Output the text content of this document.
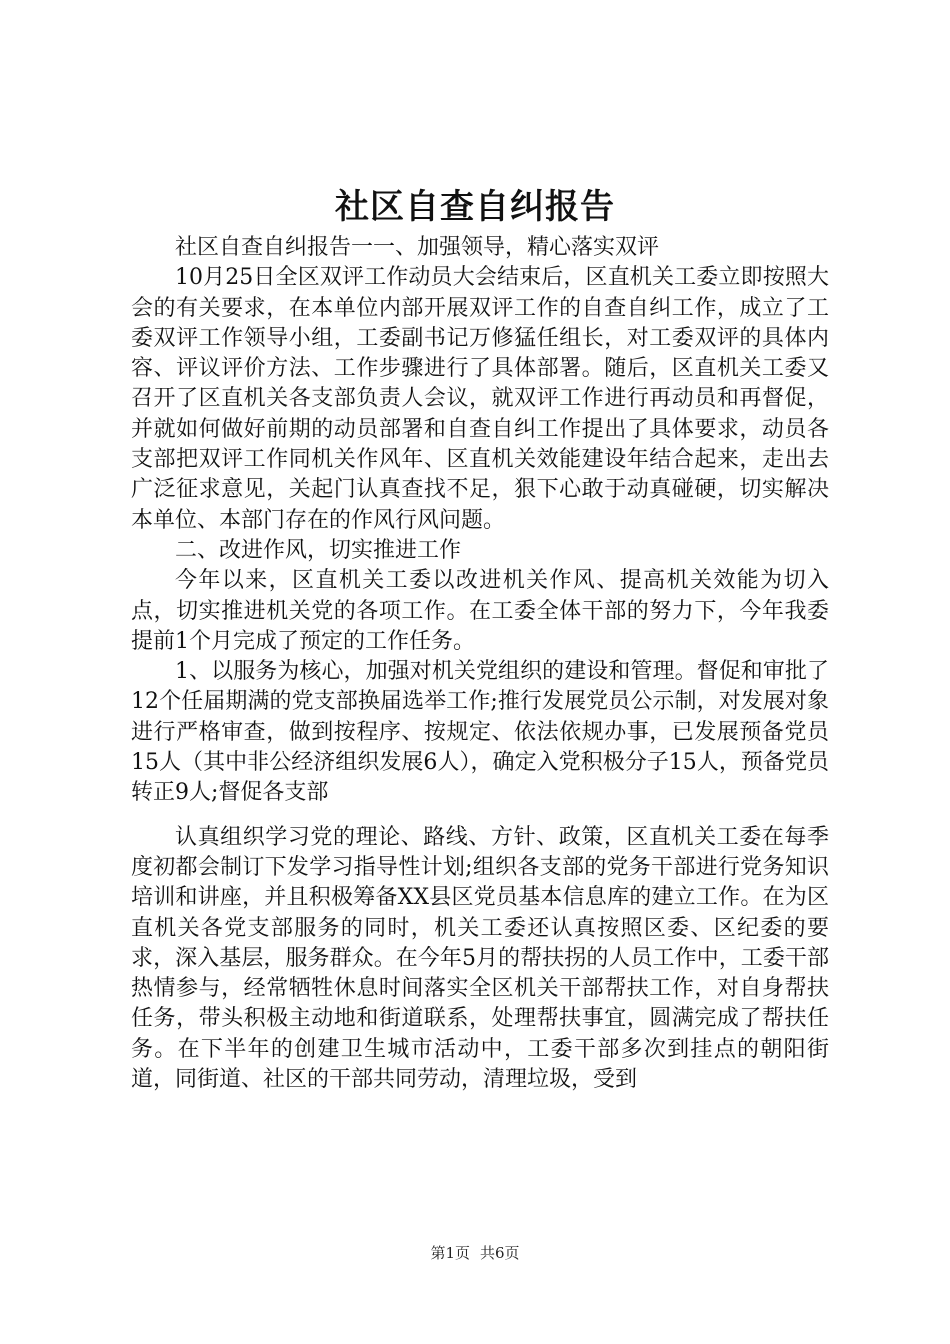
社区自查自纠报告

社区自查自纠报告一一、加强领导，精心落实双评

10月25日全区双评工作动员大会结束后，区直机关工委立即按照大会的有关要求，在本单位内部开展双评工作的自查自纠工作，成立了工委双评工作领导小组，工委副书记万修猛任组长，对工委双评的具体内容、评议评价方法、工作步骤进行了具体部署。随后，区直机关工委又召开了区直机关各支部负责人会议，就双评工作进行再动员和再督促，并就如何做好前期的动员部署和自查自纠工作提出了具体要求，动员各支部把双评工作同机关作风年、区直机关效能建设年结合起来，走出去广泛征求意见，关起门认真查找不足，狠下心敢于动真碰硬，切实解决本单位、本部门存在的作风行风问题。

二、改进作风，切实推进工作

今年以来，区直机关工委以改进机关作风、提高机关效能为切入点，切实推进机关党的各项工作。在工委全体干部的努力下，今年我委提前1个月完成了预定的工作任务。

1、以服务为核心，加强对机关党组织的建设和管理。督促和审批了12个任届期满的党支部换届选举工作;推行发展党员公示制，对发展对象进行严格审查，做到按程序、按规定、依法依规办事，已发展预备党员15人（其中非公经济组织发展6人），确定入党积极分子15人，预备党员转正9人;督促各支部

认真组织学习党的理论、路线、方针、政策，区直机关工委在每季度初都会制订下发学习指导性计划;组织各支部的党务干部进行党务知识培训和讲座，并且积极筹备XX县区党员基本信息库的建立工作。在为区直机关各党支部服务的同时，机关工委还认真按照区委、区纪委的要求，深入基层，服务群众。在今年5月的帮扶拐的人员工作中，工委干部热情参与，经常牺牲休息时间落实全区机关干部帮扶工作，对自身帮扶任务，带头积极主动地和街道联系，处理帮扶事宜，圆满完成了帮扶任务。在下半年的创建卫生城市活动中，工委干部多次到挂点的朝阳街道，同街道、社区的干部共同劳动，清理垃圾，受到

第1页 共6页
